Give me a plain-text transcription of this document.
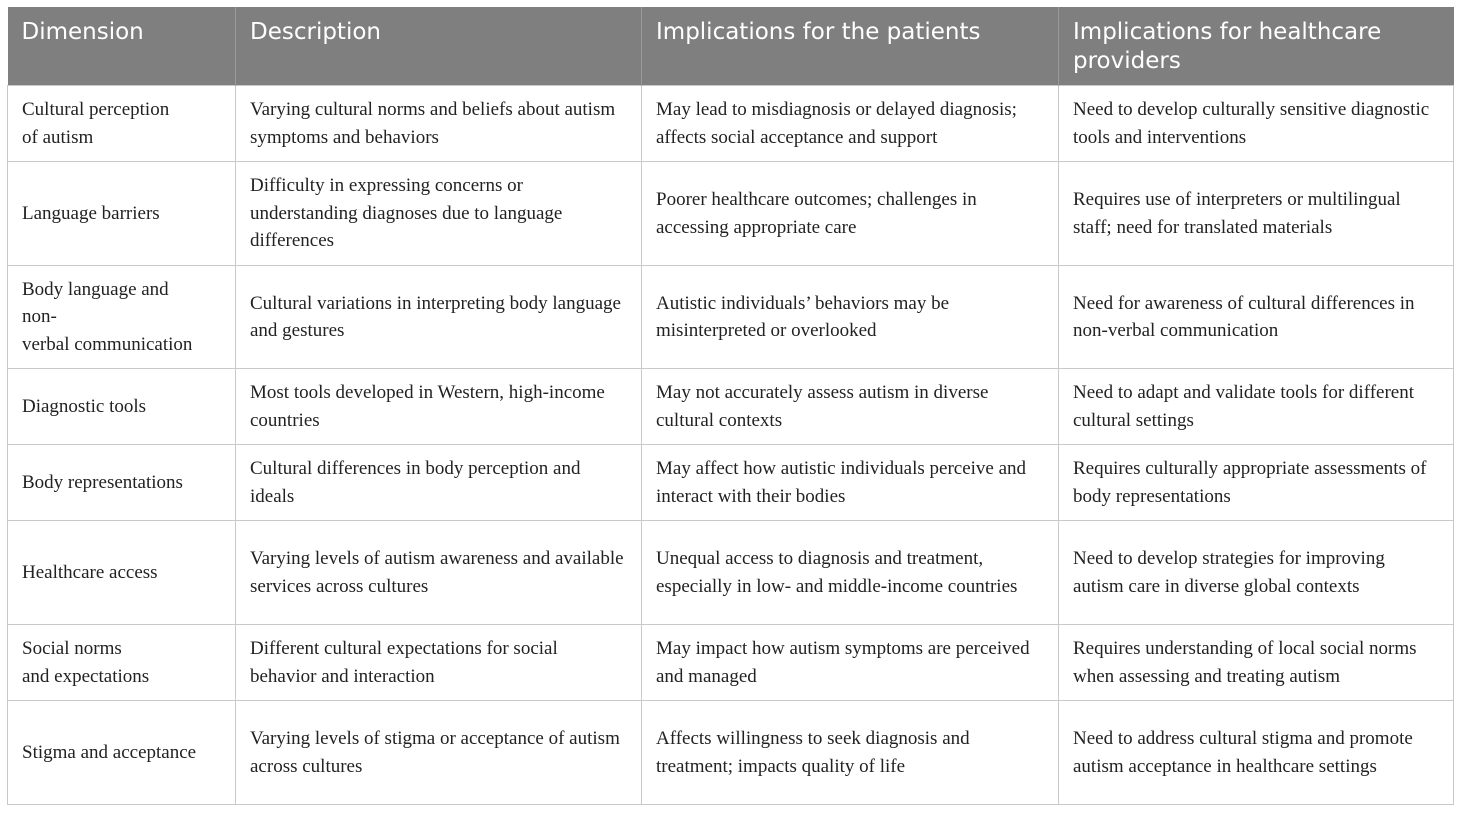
Dimension	Description	Implications for the patients	Implications for healthcare providers
Cultural perception
of autism	Varying cultural norms and beliefs about autism symptoms and behaviors	May lead to misdiagnosis or delayed diagnosis; affects social acceptance and support	Need to develop culturally sensitive diagnostic tools and interventions
Language barriers	Difficulty in expressing concerns or understanding diagnoses due to language differences	Poorer healthcare outcomes; challenges in accessing appropriate care	Requires use of interpreters or multilingual staff; need for translated materials
Body language and
non-
verbal communication	Cultural variations in interpreting body language and gestures	Autistic individuals’ behaviors may be misinterpreted or overlooked	Need for awareness of cultural differences in non-verbal communication
Diagnostic tools	Most tools developed in Western, high-income countries	May not accurately assess autism in diverse cultural contexts	Need to adapt and validate tools for different cultural settings
Body representations	Cultural differences in body perception and ideals	May affect how autistic individuals perceive and interact with their bodies	Requires culturally appropriate assessments of body representations
Healthcare access	Varying levels of autism awareness and available services across cultures	Unequal access to diagnosis and treatment, especially in low- and middle-income countries	Need to develop strategies for improving autism care in diverse global contexts
Social norms
and expectations	Different cultural expectations for social behavior and interaction	May impact how autism symptoms are perceived and managed	Requires understanding of local social norms when assessing and treating autism
Stigma and acceptance	Varying levels of stigma or acceptance of autism across cultures	Affects willingness to seek diagnosis and treatment; impacts quality of life	Need to address cultural stigma and promote autism acceptance in healthcare settings
